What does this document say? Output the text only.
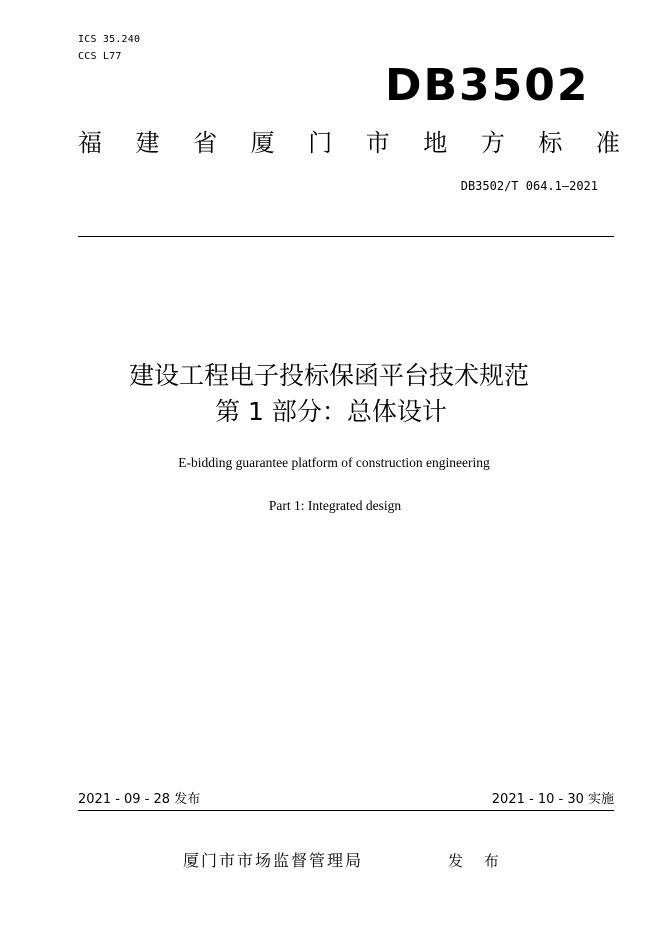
ICS 35.240
CCS L77
DB3502
福 建 省 厦 门 市 地 方 标 准
DB3502/T 064.1—2021
建设工程电子投标保函平台技术规范
第 1 部分：总体设计
E-bidding guarantee platform of construction engineering
Part 1: Integrated design
2021 - 09 - 28 发布	2021 - 10 - 30 实施
厦门市市场监督管理局	发 布
